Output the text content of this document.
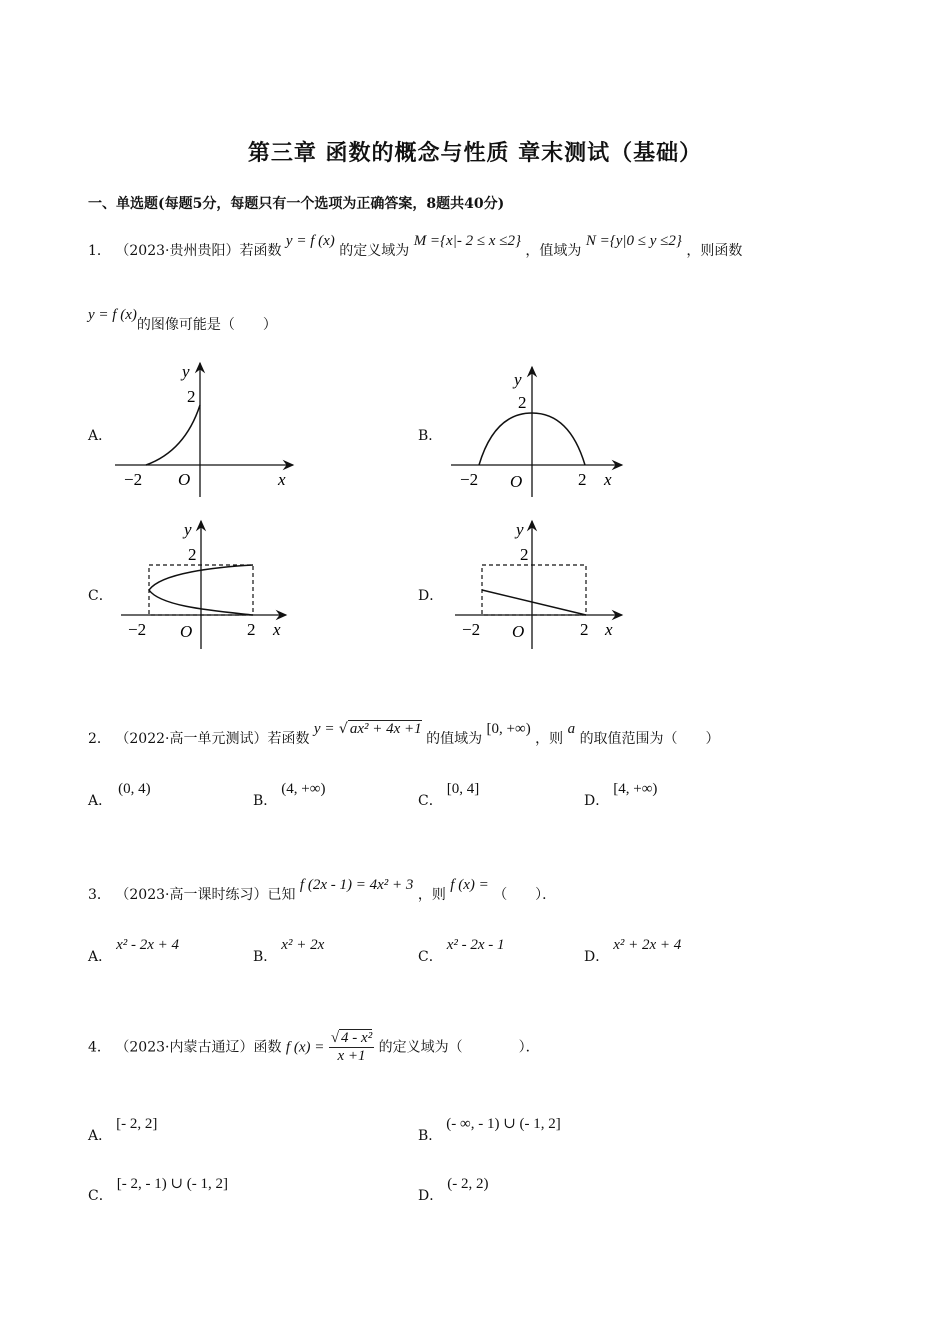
第三章 函数的概念与性质 章末测试（基础）
一、单选题(每题5分，每题只有一个选项为正确答案，8题共40分)
1． （2023·贵州贵阳）若函数 y = f (x) 的定义域为 M ={x|- 2 ≤ x ≤2} ，值域为 N ={y|0 ≤ y ≤2} ，则函数
y = f (x)的图像可能是（　　）
A．	B．
C．	D．
y
2
−2 O	x
y
2
−2 O	2 x
y
2
−2 O	2 x
y
2
−2 O	2 x
2． （2022·高一单元测试）若函数 y = √ ax² + 4x +1 的值域为 [0, +∞) ，则 a 的取值范围为（　　）
A．(0, 4)
B．(4, +∞)
C．[0, 4]
D．[4, +∞)
3． （2023·高一课时练习）已知 f (2x - 1) = 4x² + 3 ，则 f (x) = （　　）．
A．x² - 2x + 4
B．x² + 2x
C．x² - 2x - 1
D．x² + 2x + 4
4． （2023·内蒙古通辽）函数 f $(x) = \frac{\text{√ 4 - x²}}{x +1}$ 的定义域为（　　　　）．
A．[- 2, 2]
B．(- ∞, - 1) ∪ (- 1, 2]
C．[- 2, - 1) ∪ (- 1, 2]
D．(- 2, 2)
